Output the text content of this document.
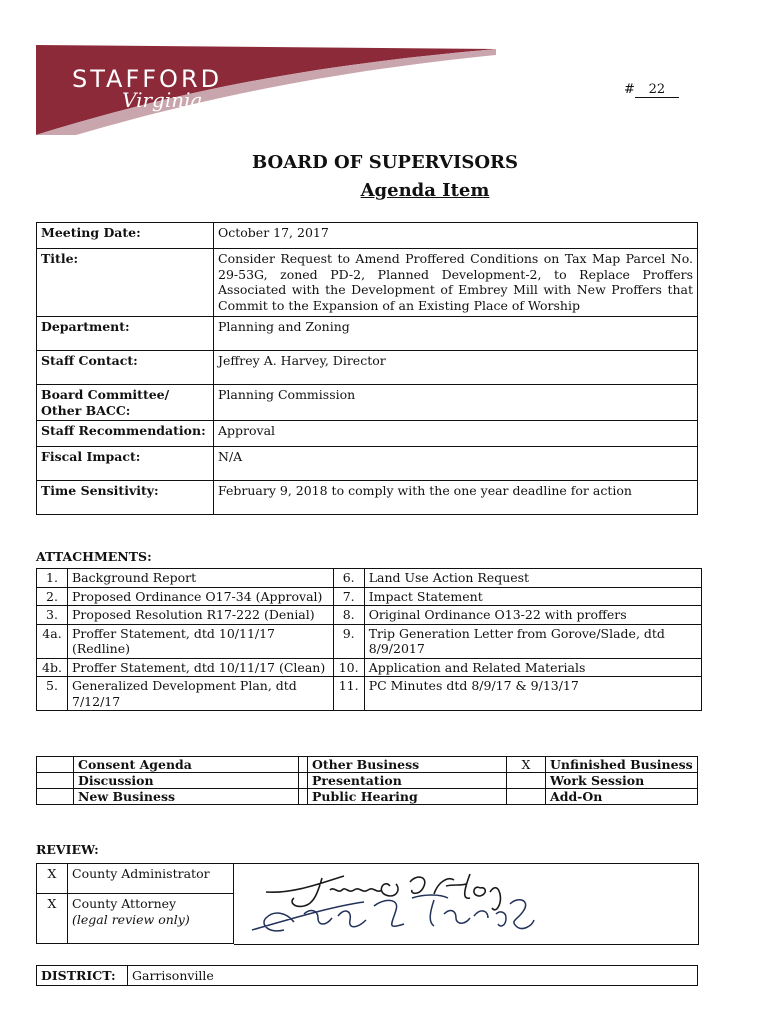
STAFFORD
Virginia	# 22
BOARD OF SUPERVISORS
Agenda Item
Meeting Date:	October 17, 2017
Title:	Consider Request to Amend Proffered Conditions on Tax Map Parcel No. 29-53G, zoned PD-2, Planned Development-2, to Replace Proffers Associated with the Development of Embrey Mill with New Proffers that Commit to the Expansion of an Existing Place of Worship
Department:	Planning and Zoning
Staff Contact:	Jeffrey A. Harvey, Director
Board Committee/ Other BACC:	Planning Commission
Staff Recommendation:	Approval
Fiscal Impact:	N/A
Time Sensitivity:	February 9, 2018 to comply with the one year deadline for action
ATTACHMENTS:
1.	Background Report	6.	Land Use Action Request
2.	Proposed Ordinance O17-34 (Approval)	7.	Impact Statement
3.	Proposed Resolution R17-222 (Denial)	8.	Original Ordinance O13-22 with proffers
4a.	Proffer Statement, dtd 10/11/17 (Redline)	9.	Trip Generation Letter from Gorove/Slade, dtd 8/9/2017
4b.	Proffer Statement, dtd 10/11/17 (Clean)	10.	Application and Related Materials
5.	Generalized Development Plan, dtd 7/12/17	11.	PC Minutes dtd 8/9/17 & 9/13/17
	Consent Agenda		Other Business	X	Unfinished Business
	Discussion		Presentation		Work Session
	New Business		Public Hearing		Add-On
REVIEW:
X	County Administrator
X	County Attorney
(legal review only)
DISTRICT:	Garrisonville
